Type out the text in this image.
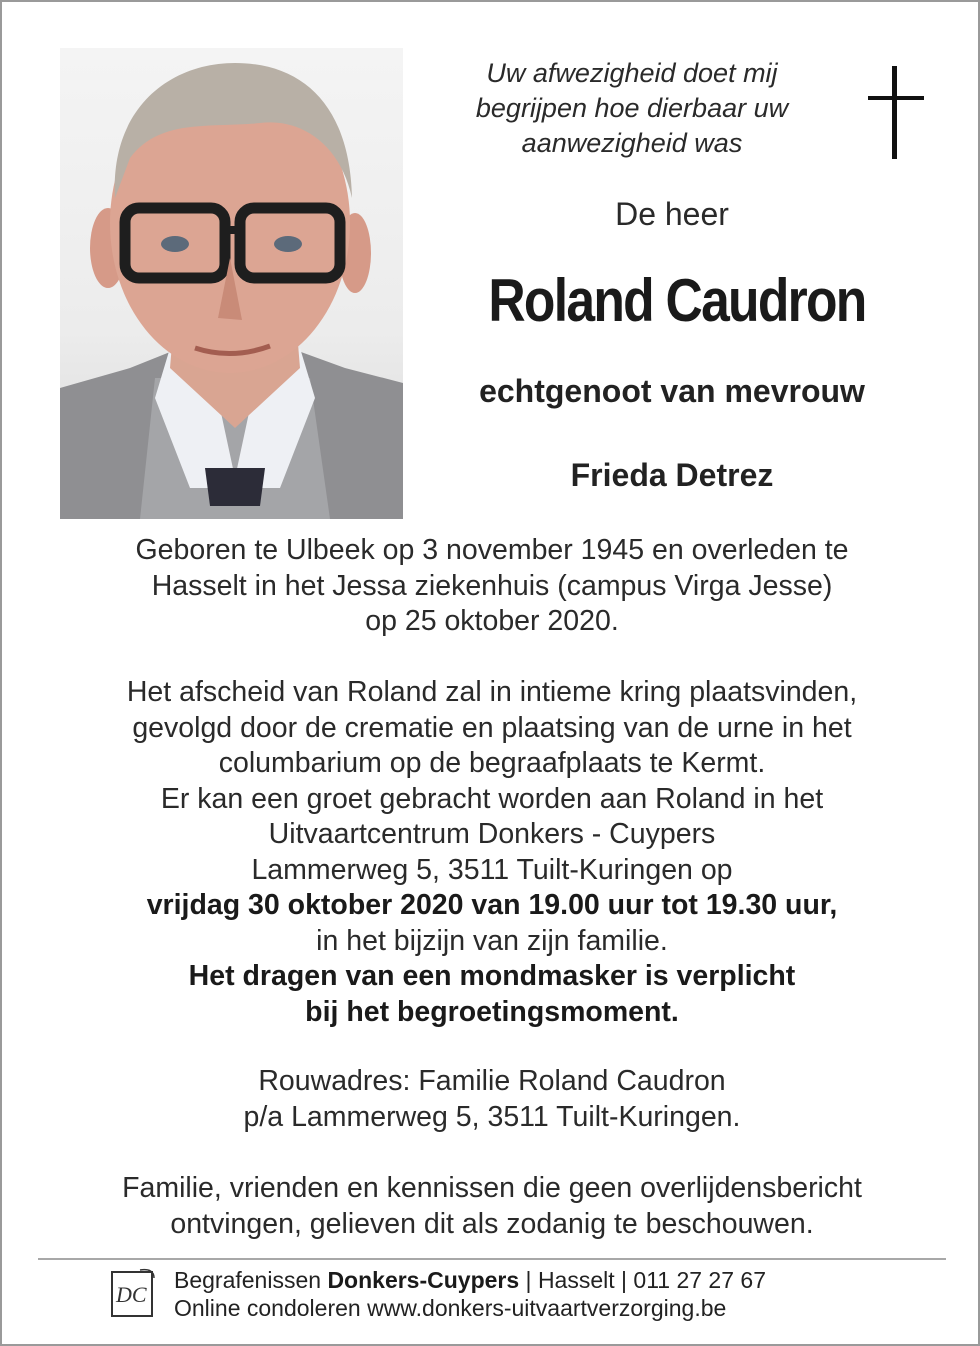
Uw afwezigheid doet mij
begrijpen hoe dierbaar uw
aanwezigheid was
De heer
Roland Caudron
echtgenoot van mevrouw
Frieda Detrez

Geboren te Ulbeek op 3 november 1945 en overleden te

Hasselt in het Jessa ziekenhuis (campus Virga Jesse)

op 25 oktober 2020.

Het afscheid van Roland zal in intieme kring plaatsvinden,

gevolgd door de crematie en plaatsing van de urne in het

columbarium op de begraafplaats te Kermt.

Er kan een groet gebracht worden aan Roland in het

Uitvaartcentrum Donkers - Cuypers

Lammerweg 5, 3511 Tuilt-Kuringen op

vrijdag 30 oktober 2020 van 19.00 uur tot 19.30 uur,

in het bijzijn van zijn familie.

Het dragen van een mondmasker is verplicht

bij het begroetingsmoment.

Rouwadres: Familie Roland Caudron

p/a Lammerweg 5, 3511 Tuilt-Kuringen.

Familie, vrienden en kennissen die geen overlijdensbericht

ontvingen, gelieven dit als zodanig te beschouwen.

DC
Begrafenissen Donkers-Cuypers | Hasselt | 011 27 27 67
Online condoleren www.donkers-uitvaartverzorging.be
